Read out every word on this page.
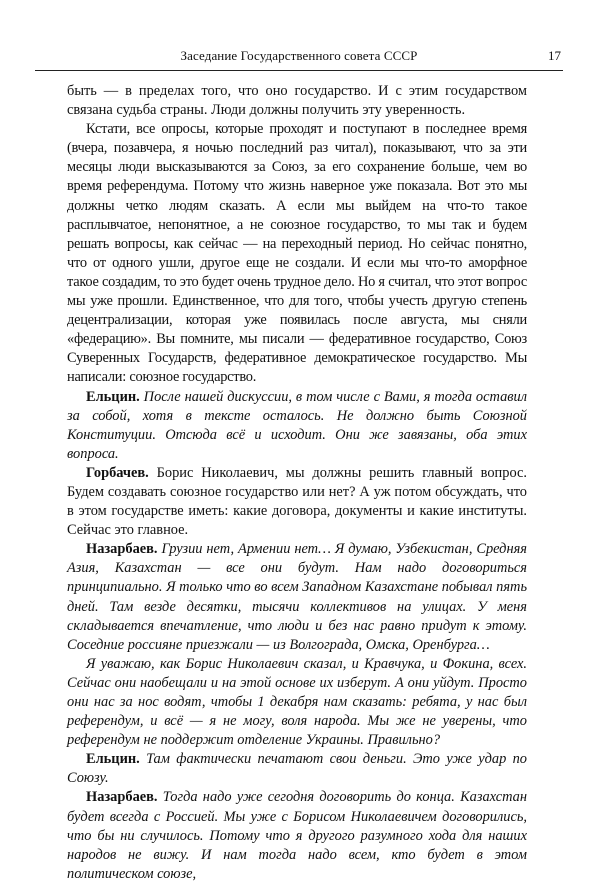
Заседание Государственного совета СССР	17

быть — в пределах того, что оно государство. И с этим государством связана судьба страны. Люди должны получить эту уверенность.

Кстати, все опросы, которые проходят и поступают в последнее время (вчера, позавчера, я ночью последний раз читал), показывают, что за эти месяцы люди высказываются за Союз, за его сохранение больше, чем во время референдума. Потому что жизнь наверное уже показала. Вот это мы должны четко людям сказать. А если мы выйдем на что-то такое расплывчатое, непонятное, а не союзное государство, то мы так и будем решать вопросы, как сейчас — на переходный период. Но сейчас понятно, что от одного ушли, другое еще не создали. И если мы что-то аморфное такое создадим, то это будет очень трудное дело. Но я считал, что этот вопрос мы уже прошли. Единственное, что для того, чтобы учесть другую степень децентрализации, которая уже появилась после августа, мы сняли «федерацию». Вы помните, мы писали — федеративное государство, Союз Суверенных Государств, федеративное демократическое государство. Мы написали: союзное государство.

Ельцин. После нашей дискуссии, в том числе с Вами, я тогда оставил за собой, хотя в тексте осталось. Не должно быть Союзной Конституции. Отсюда всё и исходит. Они же завязаны, оба этих вопроса.

Горбачев. Борис Николаевич, мы должны решить главный вопрос. Будем создавать союзное государство или нет? А уж потом обсуждать, что в этом государстве иметь: какие договора, документы и какие институты. Сейчас это главное.

Назарбаев. Грузии нет, Армении нет… Я думаю, Узбекистан, Средняя Азия, Казахстан — все они будут. Нам надо договориться принципиально. Я только что во всем Западном Казахстане побывал пять дней. Там везде десятки, тысячи коллективов на улицах. У меня складывается впечатление, что люди и без нас равно придут к этому. Соседние россияне приезжали — из Волгограда, Омска, Оренбурга…

Я уважаю, как Борис Николаевич сказал, и Кравчука, и Фокина, всех. Сейчас они наобещали и на этой основе их изберут. А они уйдут. Просто они нас за нос водят, чтобы 1 декабря нам сказать: ребята, у нас был референдум, и всё — я не могу, воля народа. Мы же не уверены, что референдум не поддержит отделение Украины. Правильно?

Ельцин. Там фактически печатают свои деньги. Это уже удар по Союзу.

Назарбаев. Тогда надо уже сегодня договорить до конца. Казахстан будет всегда с Россией. Мы уже с Борисом Николаевичем договорились, что бы ни случилось. Потому что я другого разумного хода для наших народов не вижу. И нам тогда надо всем, кто будет в этом политическом союзе,
